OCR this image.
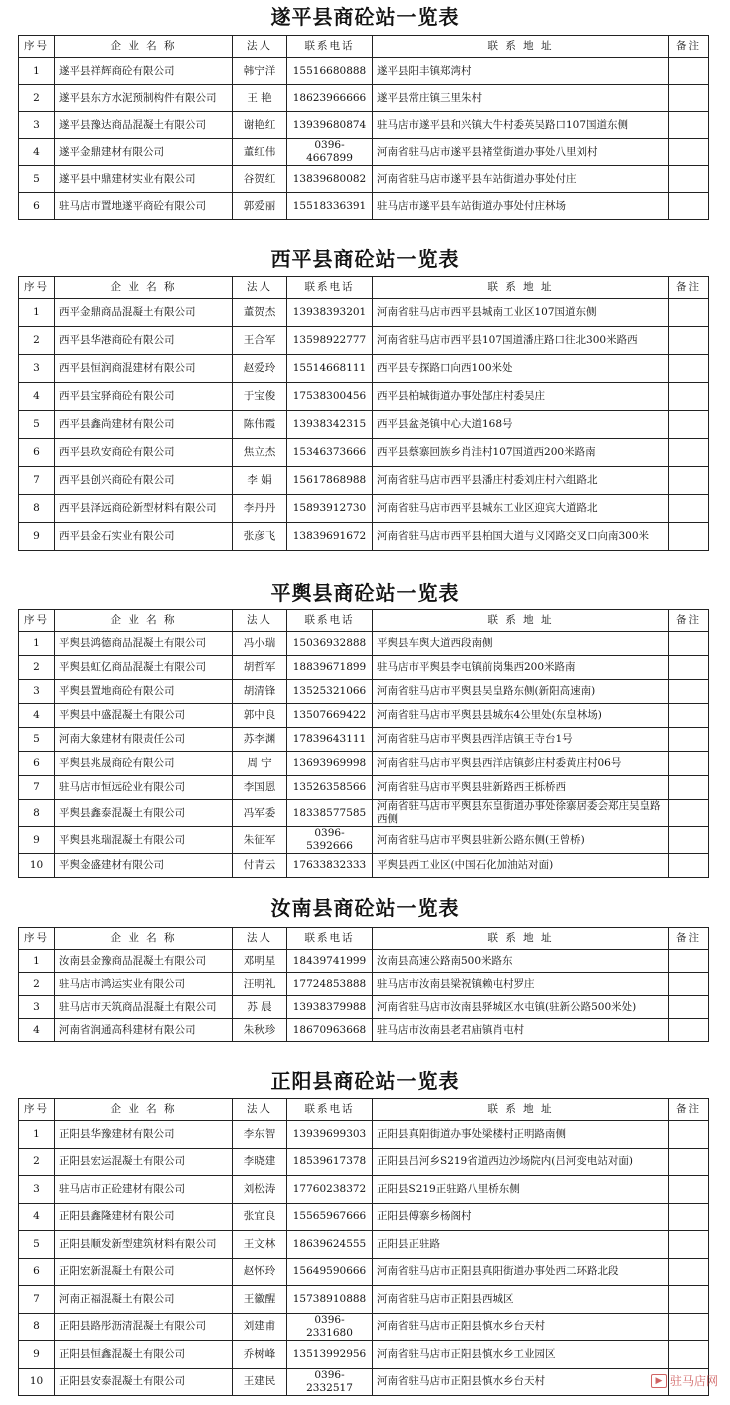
遂平县商砼站一览表
序号	企 业 名 称	法人	联系电话	联 系 地 址	备注
1	遂平县祥辉商砼有限公司	韩宁洋	15516680888	遂平县阳丰镇郑湾村	
2	遂平县东方水泥预制构件有限公司	王 艳	18623966666	遂平县常庄镇三里朱村	
3	遂平县豫达商品混凝土有限公司	谢艳红	13939680874	驻马店市遂平县和兴镇大牛村委英吴路口107国道东侧	
4	遂平金鼎建材有限公司	董红伟	0396-4667899	河南省驻马店市遂平县褚堂街道办事处八里刘村	
5	遂平县中鼎建材实业有限公司	谷贺红	13839680082	河南省驻马店市遂平县车站街道办事处付庄	
6	驻马店市置地遂平商砼有限公司	郭爱丽	15518336391	驻马店市遂平县车站街道办事处付庄林场	
西平县商砼站一览表
序号	企 业 名 称	法人	联系电话	联 系 地 址	备注
1	西平金鼎商品混凝土有限公司	董贺杰	13938393201	河南省驻马店市西平县城南工业区107国道东侧	
2	西平县华港商砼有限公司	王合军	13598922777	河南省驻马店市西平县107国道潘庄路口往北300米路西	
3	西平县恒润商混建材有限公司	赵爱玲	15514668111	西平县专探路口向西100米处	
4	西平县宝驿商砼有限公司	于宝俊	17538300456	西平县柏城街道办事处郜庄村委吴庄	
5	西平县鑫尚建材有限公司	陈伟霞	13938342315	西平县盆尧镇中心大道168号	
6	西平县玖安商砼有限公司	焦立杰	15346373666	西平县蔡寨回族乡肖洼村107国道西200米路南	
7	西平县创兴商砼有限公司	李 娟	15617868988	河南省驻马店市西平县潘庄村委刘庄村六组路北	
8	西平县泽远商砼新型材料有限公司	李丹丹	15893912730	河南省驻马店市西平县城东工业区迎宾大道路北	
9	西平县金石实业有限公司	张彦飞	13839691672	河南省驻马店市西平县柏国大道与义冈路交叉口向南300米	
平舆县商砼站一览表
序号	企 业 名 称	法人	联系电话	联 系 地 址	备注
1	平舆县鸿德商品混凝土有限公司	冯小瑞	15036932888	平舆县车舆大道西段南侧	
2	平舆县虹亿商品混凝土有限公司	胡哲军	18839671899	驻马店市平舆县李屯镇前岗集西200米路南	
3	平舆县置地商砼有限公司	胡清锋	13525321066	河南省驻马店市平舆县吴皇路东侧(新阳高速南)	
4	平舆县中盛混凝土有限公司	郭中良	13507669422	河南省驻马店市平舆县县城东4公里处(东皇林场)	
5	河南大象建材有限责任公司	苏李渊	17839643111	河南省驻马店市平舆县西洋店镇王寺台1号	
6	平舆县兆晟商砼有限公司	周 宁	13693969998	河南省驻马店市平舆县西洋店镇彭庄村委黄庄村06号	
7	驻马店市恒远砼业有限公司	李国恩	13526358566	河南省驻马店市平舆县驻新路西王栎桥西	
8	平舆县鑫泰混凝土有限公司	冯军委	18338577585	河南省驻马店市平舆县东皇街道办事处徐寨居委会郑庄吴皇路西侧	
9	平舆县兆瑞混凝土有限公司	朱征军	0396-5392666	河南省驻马店市平舆县驻新公路东侧(王曾桥)	
10	平舆金盛建材有限公司	付青云	17633832333	平舆县西工业区(中国石化加油站对面)	
汝南县商砼站一览表
序号	企 业 名 称	法人	联系电话	联 系 地 址	备注
1	汝南县金豫商品混凝土有限公司	邓明星	18439741999	汝南县高速公路南500米路东	
2	驻马店市鸿运实业有限公司	汪明礼	17724853888	驻马店市汝南县梁祝镇赖屯村罗庄	
3	驻马店市天筑商品混凝土有限公司	苏 晨	13938379988	河南省驻马店市汝南县驿城区水屯镇(驻新公路500米处)	
4	河南省润通高科建材有限公司	朱秋珍	18670963668	驻马店市汝南县老君庙镇肖屯村	
正阳县商砼站一览表
序号	企 业 名 称	法人	联系电话	联 系 地 址	备注
1	正阳县华豫建材有限公司	李东智	13939699303	正阳县真阳街道办事处梁楼村正明路南侧	
2	正阳县宏运混凝土有限公司	李晓建	18539617378	正阳县吕河乡S219省道西边沙场院内(吕河变电站对面)	
3	驻马店市正砼建材有限公司	刘松涛	17760238372	正阳县S219正驻路八里桥东侧	
4	正阳县鑫隆建材有限公司	张宜良	15565967666	正阳县傅寨乡杨阁村	
5	正阳县顺发新型建筑材料有限公司	王文林	18639624555	正阳县正驻路	
6	正阳宏新混凝土有限公司	赵怀玲	15649590666	河南省驻马店市正阳县真阳街道办事处西二环路北段	
7	河南正福混凝土有限公司	王徽醒	15738910888	河南省驻马店市正阳县西城区	
8	正阳县路彤沥清混凝土有限公司	刘建甫	0396-2331680	河南省驻马店市正阳县慎水乡台天村	
9	正阳县恒鑫混凝土有限公司	乔树峰	13513992956	河南省驻马店市正阳县慎水乡工业园区	
10	正阳县安泰混凝土有限公司	王建民	0396-2332517	河南省驻马店市正阳县慎水乡台天村		▶ 驻马店网
